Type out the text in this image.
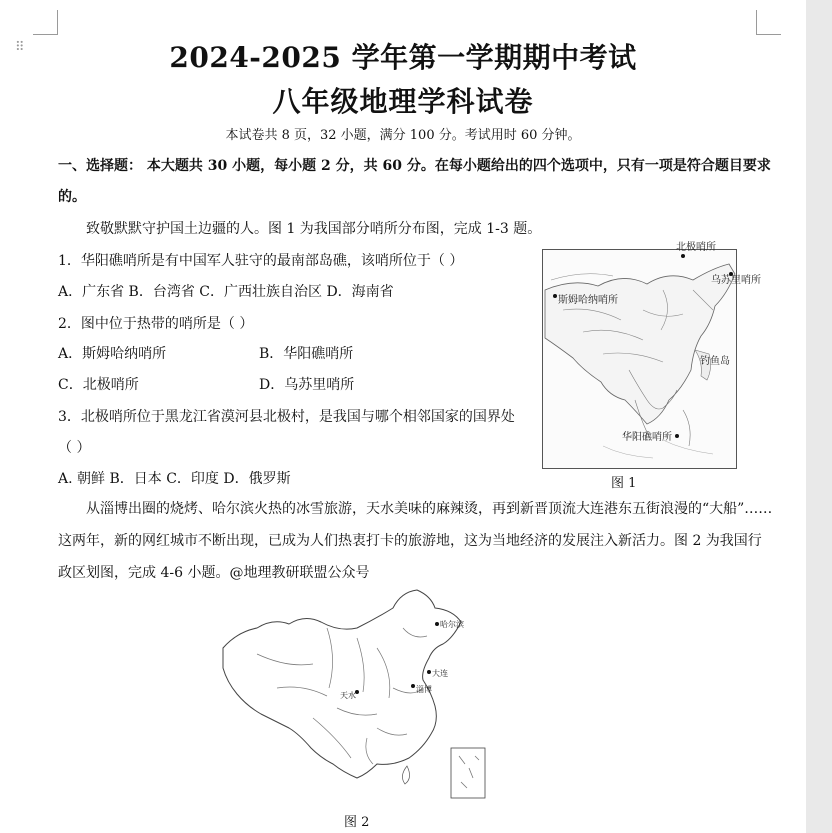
⠿	2024-2025 学年第一学期期中考试
八年级地理学科试卷
本试卷共 8 页，32 小题，满分 100 分。考试用时 60 分钟。
一、选择题： 本大题共 30 小题，每小题 2 分，共 60 分。在每小题给出的四个选项中，只有一项是符合题目要求
的。
致敬默默守护国土边疆的人。图 1 为我国部分哨所分布图，完成 1-3 题。
1．华阳礁哨所是有中国军人驻守的最南部岛礁，该哨所位于（ ）
A．广东省 B．台湾省 C．广西壮族自治区 D．海南省
2．图中位于热带的哨所是（ ）
A．斯姆哈纳哨所	B．华阳礁哨所
C．北极哨所	D．乌苏里哨所
3．北极哨所位于黑龙江省漠河县北极村，是我国与哪个相邻国家的国界处
（ ）
A. 朝鲜 B．日本 C．印度 D．俄罗斯
北极哨所
乌苏里哨所
斯姆哈纳哨所
钓鱼岛
华阳礁哨所
图 1
从淄博出圈的烧烤、哈尔滨火热的冰雪旅游，天水美味的麻辣烫，再到新晋顶流大连港东五街浪漫的“大船”……
这两年，新的网红城市不断出现，已成为人们热衷打卡的旅游地，这为当地经济的发展注入新活力。图 2 为我国行
政区划图，完成 4-6 小题。@地理教研联盟公众号
哈尔滨
大连
淄博
天水
图 2
